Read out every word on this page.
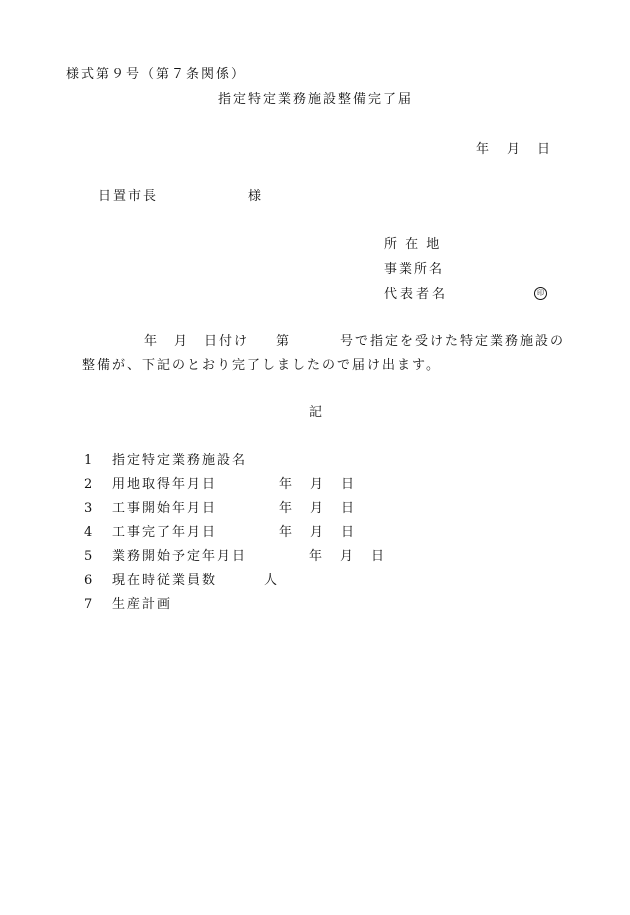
様式第９号（第７条関係）
指定特定業務施設整備完了届
年 月 日
日置市長	様
所 在 地
事業所名
代表者名	印
年 月 日付け 第	号で指定を受けた特定業務施設の
整備が、下記のとおり完了しましたので届け出ます。
記
1	指定特定業務施設名
2	用地取得年月日	年 月 日
3	工事開始年月日	年 月 日
4	工事完了年月日	年 月 日
5	業務開始予定年月日	年 月 日
6	現在時従業員数	人
7	生産計画
